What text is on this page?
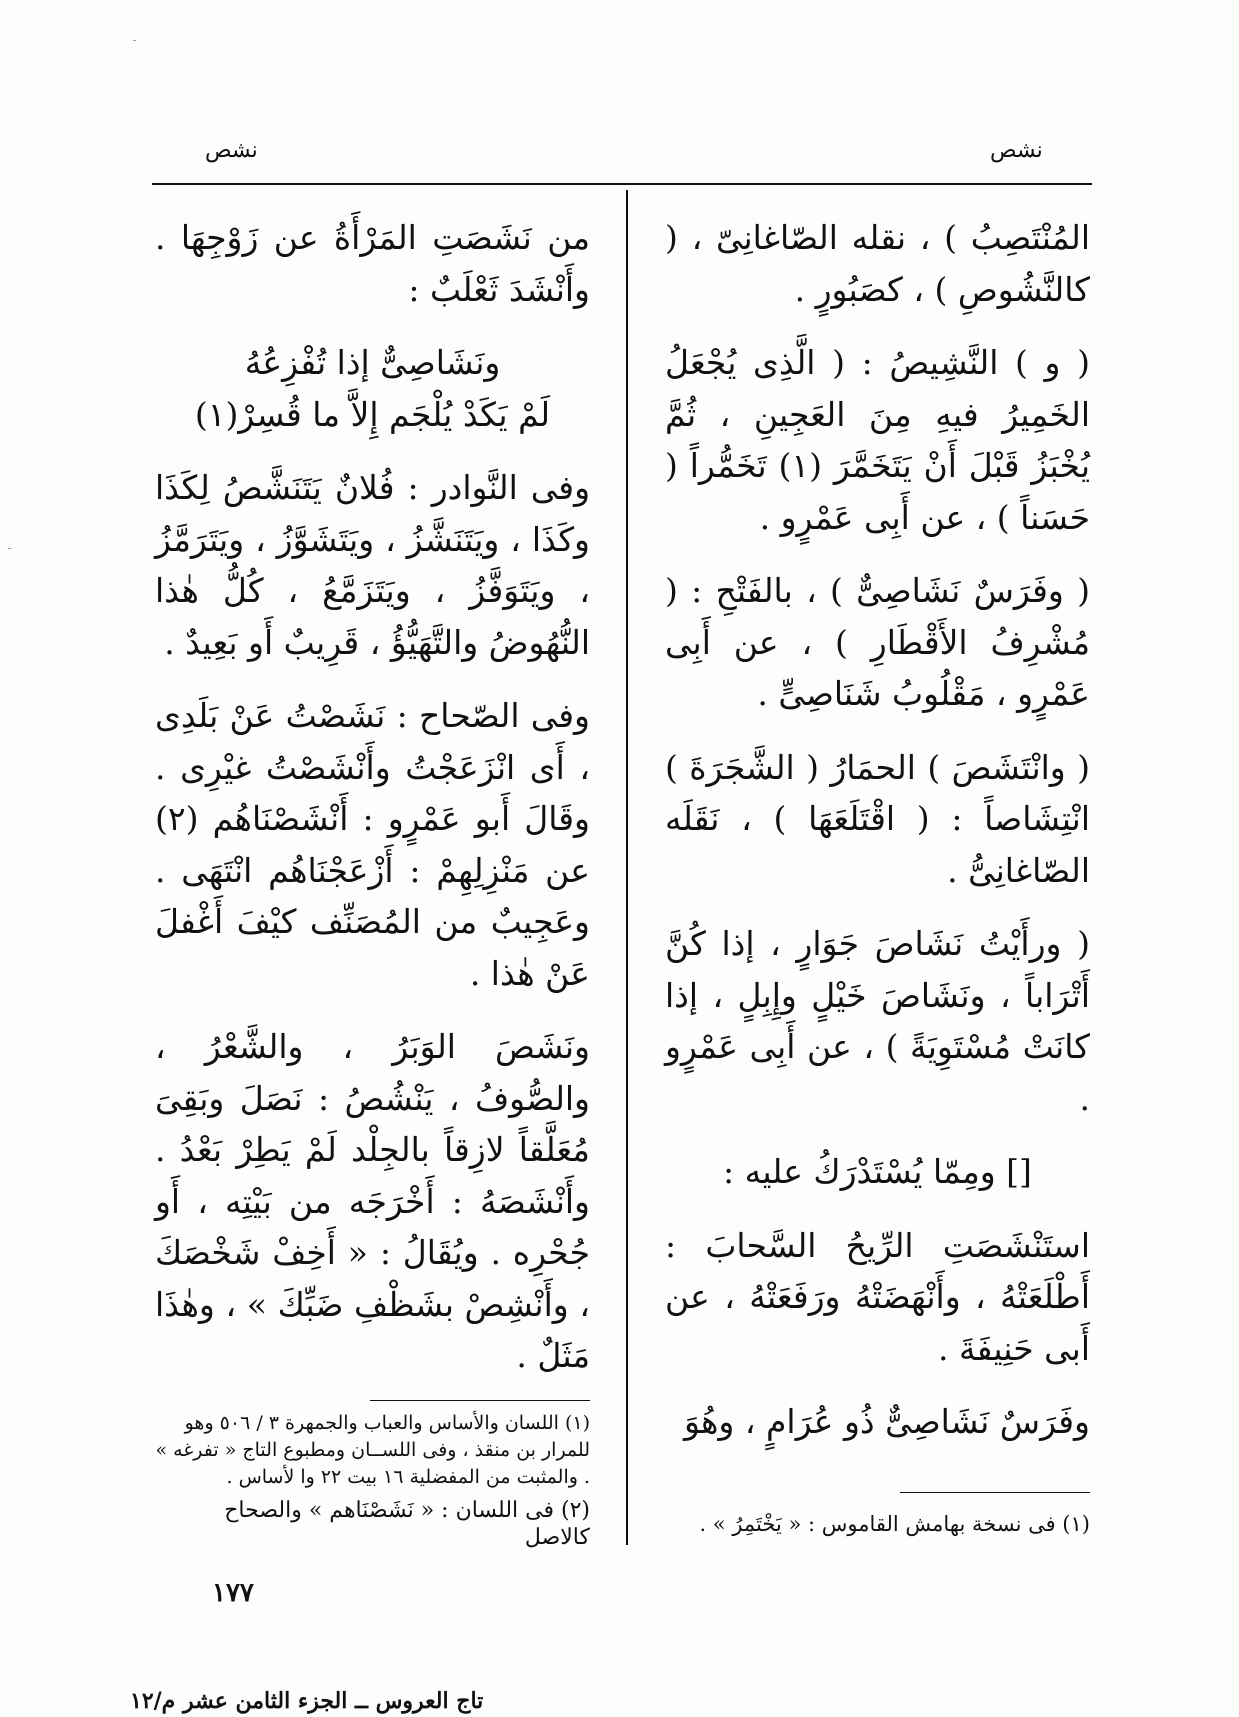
نشص	نشص

المُنْتَصِبُ ) ، نقله الصّاغانِىّ ، ( كالنَّشُوصِ ) ، كصَبُورٍ .

( و ) النَّشِيصُ : ( الَّذِى يُجْعَلُ الخَمِيرُ فيهِ مِنَ العَجِينِ ، ثُمَّ يُخْبَزُ قَبْلَ أَنْ يَتَخَمَّرَ (١) تَخَمُّراً ( حَسَناً ) ، عن أَبِى عَمْرٍو .

( وفَرَسٌ نَشَاصِىٌّ ) ، بالفَتْحِ : ( مُشْرِفُ الأَقْطَارِ ) ، عن أَبِى عَمْرٍو ، مَقْلُوبُ شَنَاصِىٍّ .

( وانْتَشَصَ ) الحمَارُ ( الشَّجَرَةَ ) انْتِشَاصاً : ( اقْتَلَعَهَا ) ، نَقَلَه الصّاغانِىُّ .

( ورأَيْتُ نَشَاصَ جَوَارٍ ، إذا كُنَّ أَتْرَاباً ، ونَشَاصَ خَيْلٍ وإِبِلٍ ، إذا كانَتْ مُسْتَوِيَةً ) ، عن أَبِى عَمْرٍو .

[] ومِمّا يُسْتَدْرَكُ عليه :

استَنْشَصَتِ الرِّيحُ السَّحابَ : أَطْلَعَتْهُ ، وأَنْهَضَتْهُ ورَفَعَتْهُ ، عن أَبى حَنِيفَةَ .

وفَرَسٌ نَشَاصِىٌّ ذُو عُرَامٍ ، وهُوَ

من نَشَصَتِ المَرْأَةُ عن زَوْجِهَا . وأَنْشَدَ ثَعْلَبٌ :

ونَشَاصِىٌّ إذا تُفْزِعُهُ

لَمْ يَكَدْ يُلْجَم إِلاَّ ما قُسِرْ(١)

وفى النَّوادر : فُلانٌ يَتَنَشَّصُ لِكَذَا وكَذَا ، ويَتَنَشَّزُ ، ويَتَشَوَّزُ ، ويَتَرَمَّزُ ، ويَتَوَفَّزُ ، ويَتَزَمَّعُ ، كُلُّ هٰذا النُّهُوضُ والتَّهَيُّؤُ ، قَرِيبٌ أَو بَعِيدٌ .

وفى الصّحاح : نَشَصْتُ عَنْ بَلَدِى ، أَى انْزَعَجْتُ وأَنْشَصْتُ غيْرِى . وقَالَ أَبو عَمْرٍو : أَنْشَصْنَاهُم (٢) عن مَنْزِلِهِمْ : أَزْعَجْنَاهُم انْتَهَى . وعَجِيبٌ من المُصَنِّف كيْفَ أَغْفلَ عَنْ هٰذا .

ونَشَصَ الوَبَرُ ، والشَّعْرُ ، والصُّوفُ ، يَنْشُصُ : نَصَلَ وبَقِىَ مُعَلَّقاً لازِقاً بالجِلْد لَمْ يَطِرْ بَعْدُ . وأَنْشَصَهُ : أَخْرَجَه من بَيْتِه ، أَو جُحْرِه . ويُقَالُ : « أَخِفْ شَخْصَكَ ، وأَنْشِصْ بشَظْفِ ضَبِّكَ » ، وهٰذَا مَثَلٌ .

(١) اللسان والأساس والعباب والجمهرة ٣ / ٥٠٦ وهو للمرار بن منقذ ، وفى اللســان ومطبوع التاج « تفرغه » . والمثبت من المفضلية ١٦ بيت ٢٢ وا لأساس .
(٢) فى اللسان : « نَشَصْنَاهم » والصحاح كالاصل
(١) فى نسخة بهامش القاموس : « يَخْتَمِرُ » .
١٧٧
تاج العروس ــ الجزء الثامن عشر م/١٢
